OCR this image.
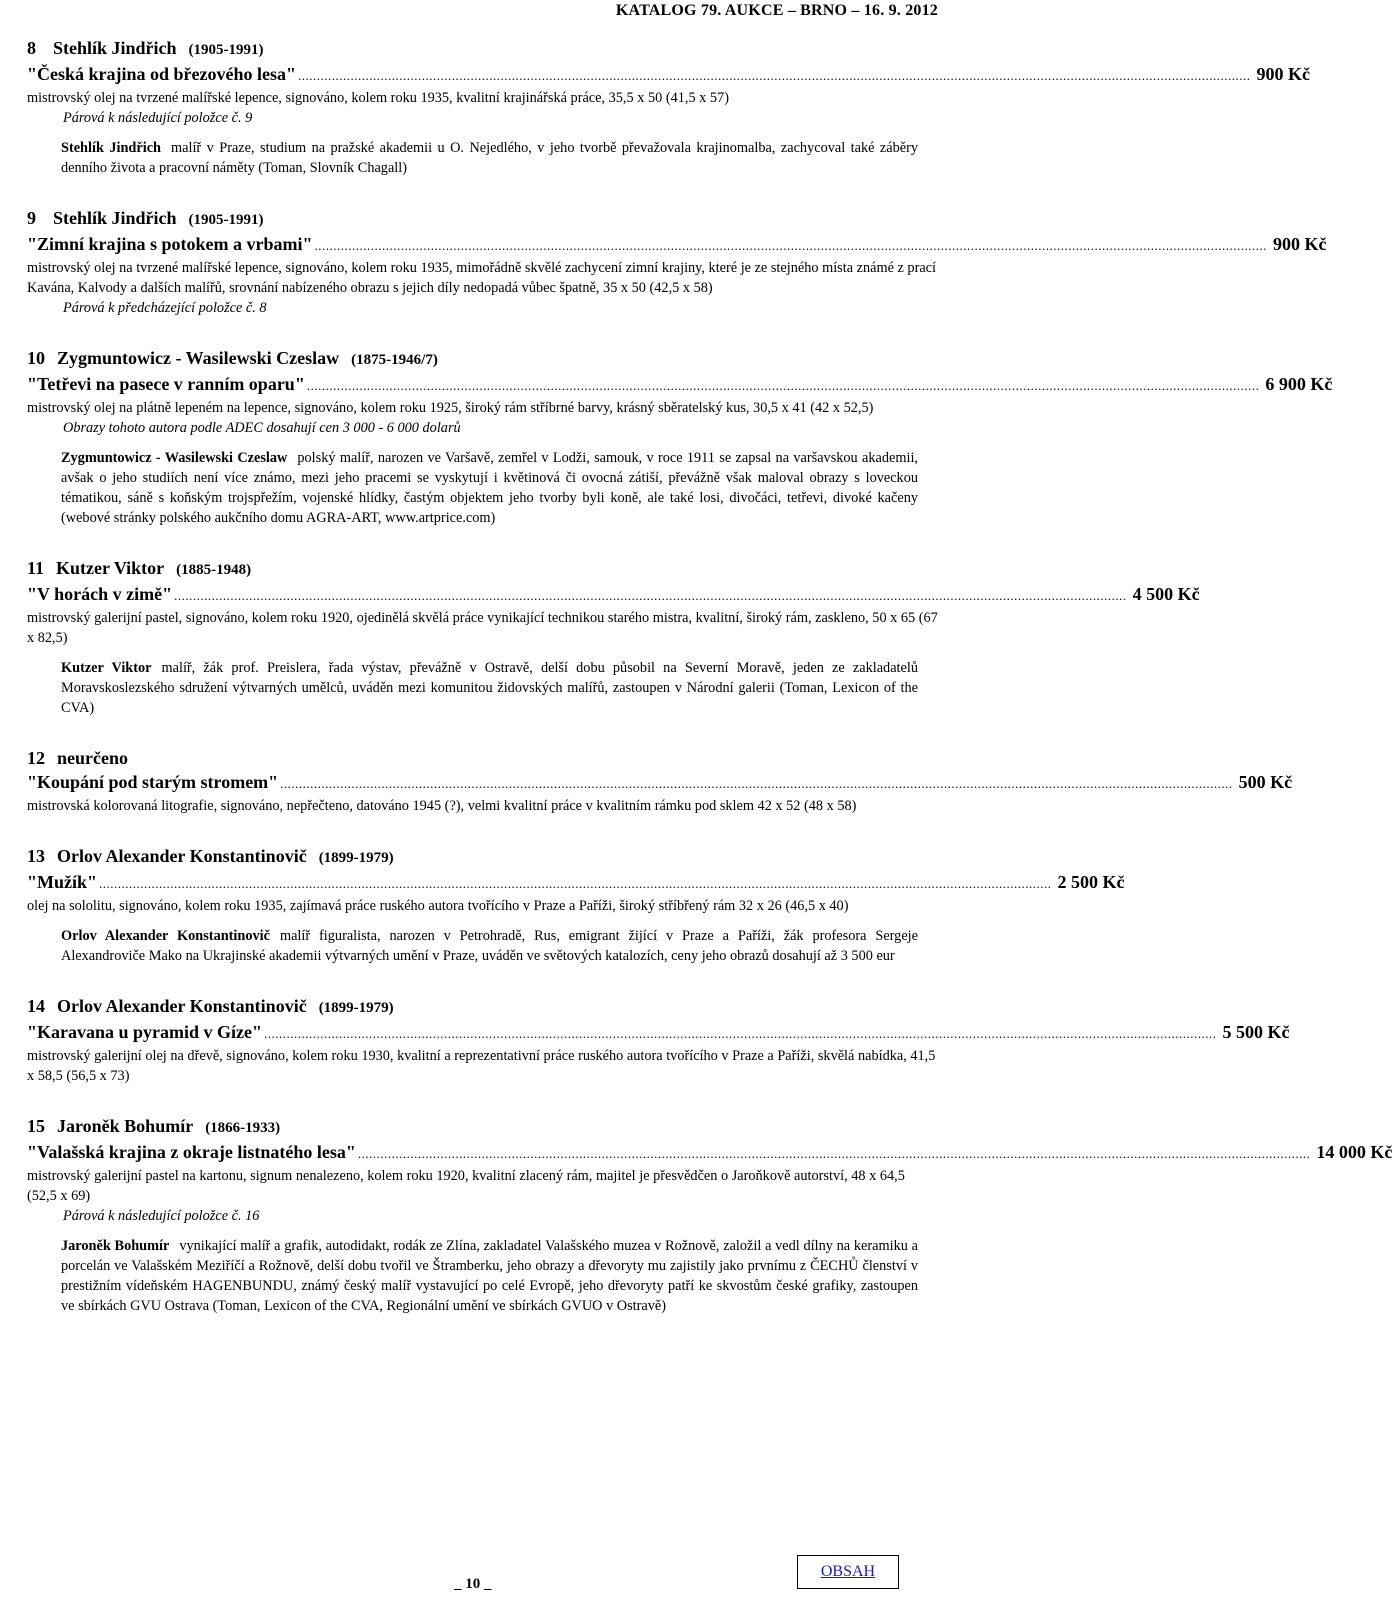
KATALOG 79. AUKCE – BRNO – 16. 9. 2012
8 Stehlík Jindřich (1905-1991)
"Česká krajina od březového lesa" .............................................................................................................................................................................................................................................................. 900 Kč
mistrovský olej na tvrzené malířské lepence, signováno, kolem roku 1935, kvalitní krajinářská práce, 35,5 x 50 (41,5 x 57)
Párová k následující položce č. 9
Stehlík Jindřich malíř v Praze, studium na pražské akademii u O. Nejedlého, v jeho tvorbě převažovala krajinomalba, zachycoval také záběry denního života a pracovní náměty (Toman, Slovník Chagall)
9 Stehlík Jindřich (1905-1991)
"Zimní krajina s potokem a vrbami" .............................................................................................................................................................................................................................................................. 900 Kč
mistrovský olej na tvrzené malířské lepence, signováno, kolem roku 1935, mimořádně skvělé zachycení zimní krajiny, které je ze stejného místa známé z prací Kavána, Kalvody a dalších malířů, srovnání nabízeného obrazu s jejich díly nedopadá vůbec špatně, 35 x 50 (42,5 x 58)
Párová k předcházející položce č. 8
10 Zygmuntowicz - Wasilewski Czeslaw (1875-1946/7)
"Tetřevi na pasece v ranním oparu" .............................................................................................................................................................................................................................................................. 6 900 Kč
mistrovský olej na plátně lepeném na lepence, signováno, kolem roku 1925, široký rám stříbrné barvy, krásný sběratelský kus, 30,5 x 41 (42 x 52,5)
Obrazy tohoto autora podle ADEC dosahují cen 3 000 - 6 000 dolarů
Zygmuntowicz - Wasilewski Czeslaw polský malíř, narozen ve Varšavě, zemřel v Lodži, samouk, v roce 1911 se zapsal na varšavskou akademii, avšak o jeho studiích není více známo, mezi jeho pracemi se vyskytují i květinová či ovocná zátiší, převážně však maloval obrazy s loveckou tématikou, sáně s koňským trojspřežím, vojenské hlídky, častým objektem jeho tvorby byli koně, ale také losi, divočáci, tetřevi, divoké kačeny (webové stránky polského aukčního domu AGRA-ART, www.artprice.com)
11 Kutzer Viktor (1885-1948)
"V horách v zimě" .............................................................................................................................................................................................................................................................. 4 500 Kč
mistrovský galerijní pastel, signováno, kolem roku 1920, ojedinělá skvělá práce vynikající technikou starého mistra, kvalitní, široký rám, zaskleno, 50 x 65 (67 x 82,5)
Kutzer Viktor malíř, žák prof. Preislera, řada výstav, převážně v Ostravě, delší dobu působil na Severní Moravě, jeden ze zakladatelů Moravskoslezského sdružení výtvarných umělců, uváděn mezi komunitou židovských malířů, zastoupen v Národní galerii (Toman, Lexicon of the CVA)
12 neurčeno
"Koupání pod starým stromem" .............................................................................................................................................................................................................................................................. 500 Kč
mistrovská kolorovaná litografie, signováno, nepřečteno, datováno 1945 (?), velmi kvalitní práce v kvalitním rámku pod sklem 42 x 52 (48 x 58)
13 Orlov Alexander Konstantinovič (1899-1979)
"Mužík" .............................................................................................................................................................................................................................................................. 2 500 Kč
olej na sololitu, signováno, kolem roku 1935, zajímavá práce ruského autora tvořícího v Praze a Paříži, široký stříbřený rám 32 x 26 (46,5 x 40)
Orlov Alexander Konstantinovič malíř figuralista, narozen v Petrohradě, Rus, emigrant žijící v Praze a Paříži, žák profesora Sergeje Alexandroviče Mako na Ukrajinské akademii výtvarných umění v Praze, uváděn ve světových katalozích, ceny jeho obrazů dosahují až 3 500 eur
14 Orlov Alexander Konstantinovič (1899-1979)
"Karavana u pyramid v Gíze" .............................................................................................................................................................................................................................................................. 5 500 Kč
mistrovský galerijní olej na dřevě, signováno, kolem roku 1930, kvalitní a reprezentativní práce ruského autora tvořícího v Praze a Paříži, skvělá nabídka, 41,5 x 58,5 (56,5 x 73)
15 Jaroněk Bohumír (1866-1933)
"Valašská krajina z okraje listnatého lesa" .............................................................................................................................................................................................................................................................. 14 000 Kč
mistrovský galerijní pastel na kartonu, signum nenalezeno, kolem roku 1920, kvalitní zlacený rám, majitel je přesvědčen o Jaroňkově autorství, 48 x 64,5 (52,5 x 69)
Párová k následující položce č. 16
Jaroněk Bohumír vynikající malíř a grafik, autodidakt, rodák ze Zlína, zakladatel Valašského muzea v Rožnově, založil a vedl dílny na keramiku a porcelán ve Valašském Meziříčí a Rožnově, delší dobu tvořil ve Štramberku, jeho obrazy a dřevoryty mu zajistily jako prvnímu z ČECHŮ členství v prestižním vídeňském HAGENBUNDU, známý český malíř vystavující po celé Evropě, jeho dřevoryty patří ke skvostům české grafiky, zastoupen ve sbírkách GVU Ostrava (Toman, Lexicon of the CVA, Regionální umění ve sbírkách GVUO v Ostravě)
_ 10 _
OBSAH
